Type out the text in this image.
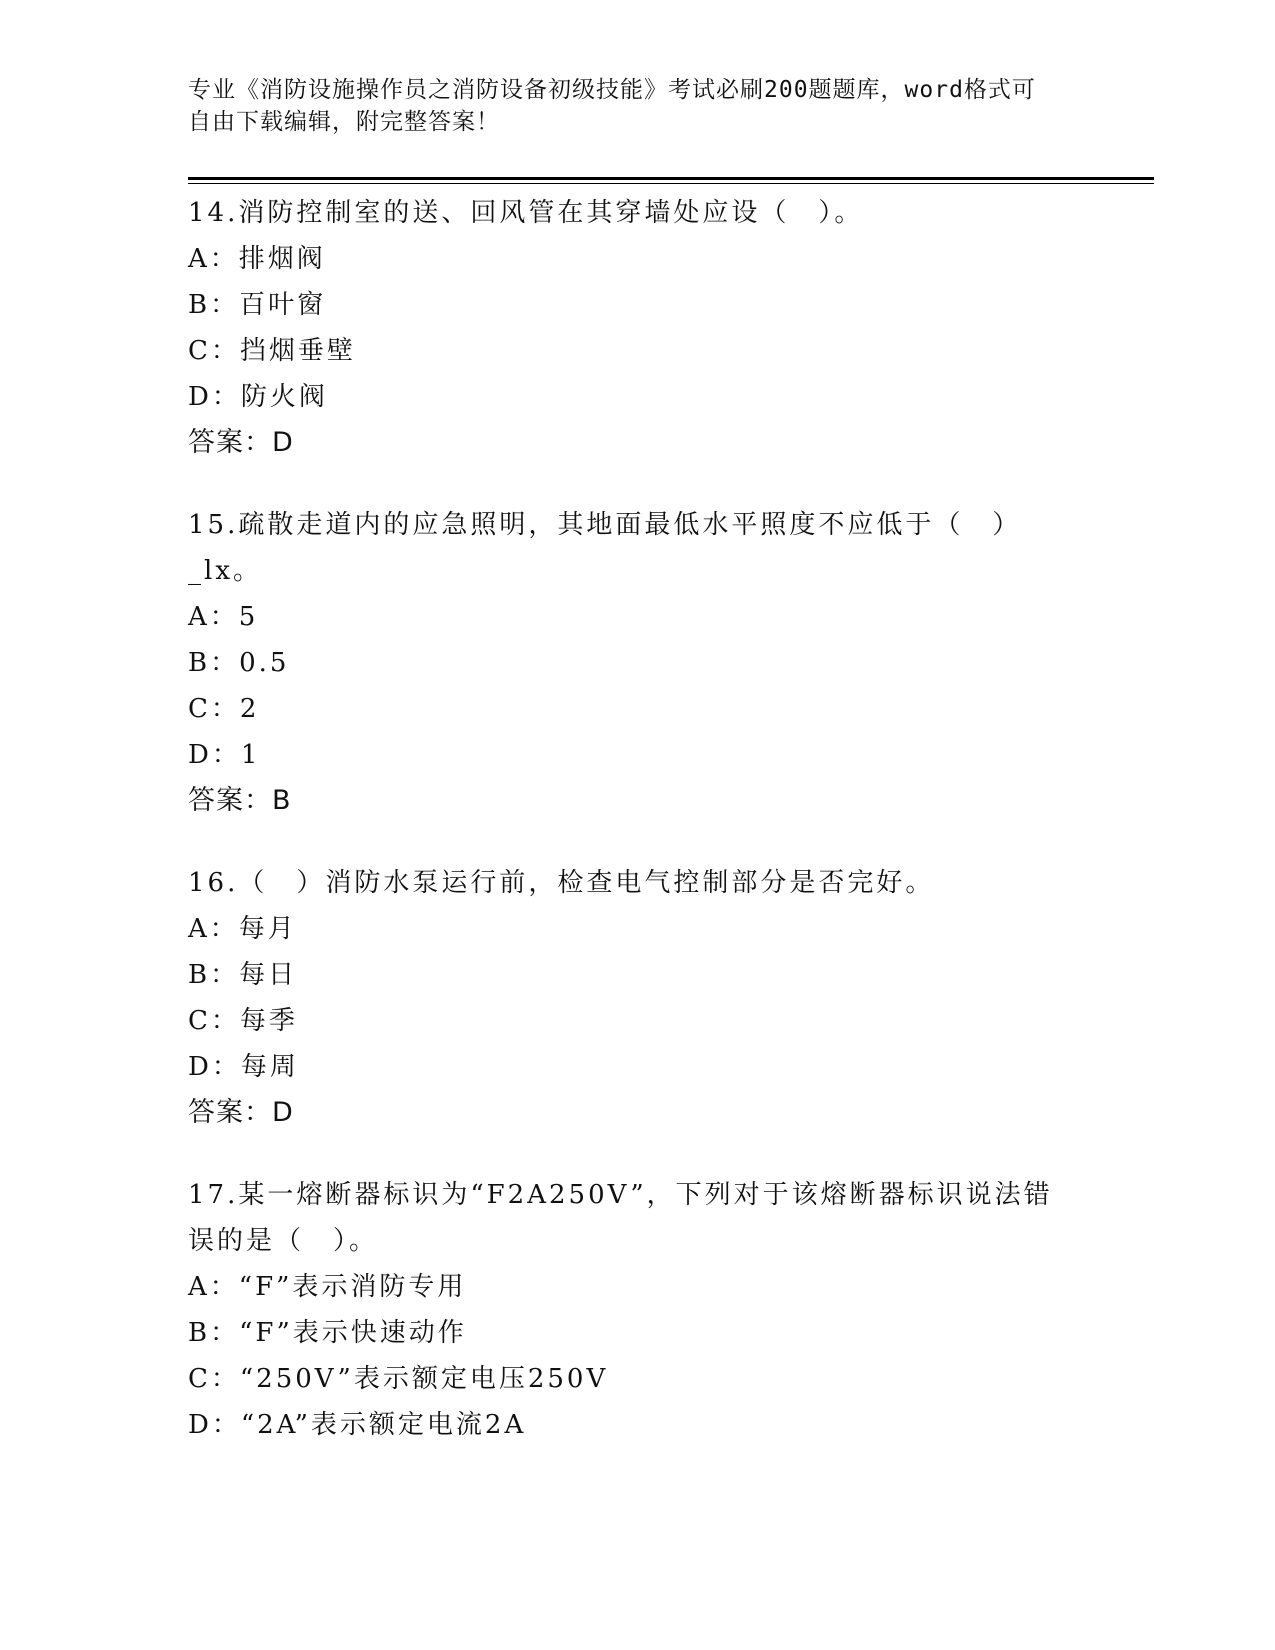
专业《消防设施操作员之消防设备初级技能》考试必刷200题题库，word格式可
自由下载编辑，附完整答案！

14.消防控制室的送、回风管在其穿墙处应设（　）。

A：排烟阀

B：百叶窗

C：挡烟垂壁

D：防火阀

答案：D

15.疏散走道内的应急照明，其地面最低水平照度不应低于（　）_lx。

A：5

B：0.5

C：2

D：1

答案：B

16.（　）消防水泵运行前，检查电气控制部分是否完好。

A：每月

B：每日

C：每季

D：每周

答案：D

17.某一熔断器标识为“F2A250V”，下列对于该熔断器标识说法错误的是（　）。

A：“F”表示消防专用

B：“F”表示快速动作

C：“250V”表示额定电压250V

D：“2A”表示额定电流2A
